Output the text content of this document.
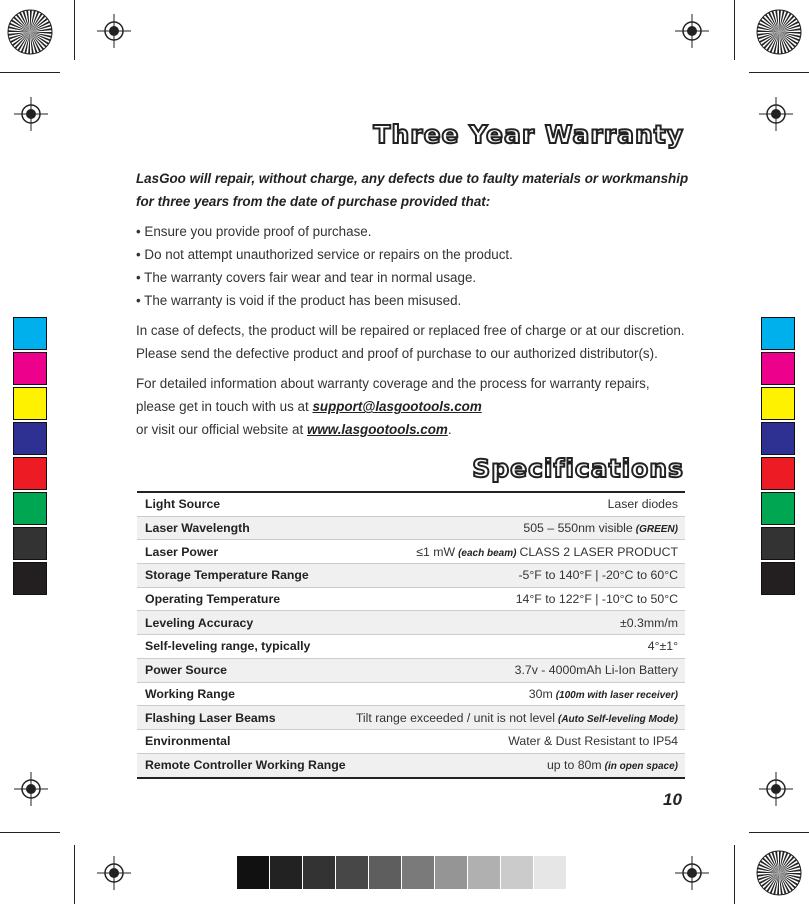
Three Year Warranty
LasGoo will repair, without charge, any defects due to faulty materials or workmanship for three years from the date of purchase provided that:
• Ensure you provide proof of purchase.
• Do not attempt unauthorized service or repairs on the product.
• The warranty covers fair wear and tear in normal usage.
• The warranty is void if the product has been misused.
In case of defects, the product will be repaired or replaced free of charge or at our discretion. Please send the defective product and proof of purchase to our authorized distributor(s).
For detailed information about warranty coverage and the process for warranty repairs, please get in touch with us at support@lasgootools.com
or visit our official website at www.lasgootools.com.
Specifications
Light Source	Laser diodes
Laser Wavelength	505 – 550nm visible (GREEN)
Laser Power	≤1 mW (each beam) CLASS 2 LASER PRODUCT
Storage Temperature Range	-5°F to 140°F | -20°C to 60°C
Operating Temperature	14°F to 122°F | -10°C to 50°C
Leveling Accuracy	±0.3mm/m
Self-leveling range, typically	4°±1°
Power Source	3.7v - 4000mAh Li-Ion Battery
Working Range	30m (100m with laser receiver)
Flashing Laser Beams	Tilt range exceeded / unit is not level (Auto Self-leveling Mode)
Environmental	Water & Dust Resistant to IP54
Remote Controller Working Range	up to 80m (in open space)
10
